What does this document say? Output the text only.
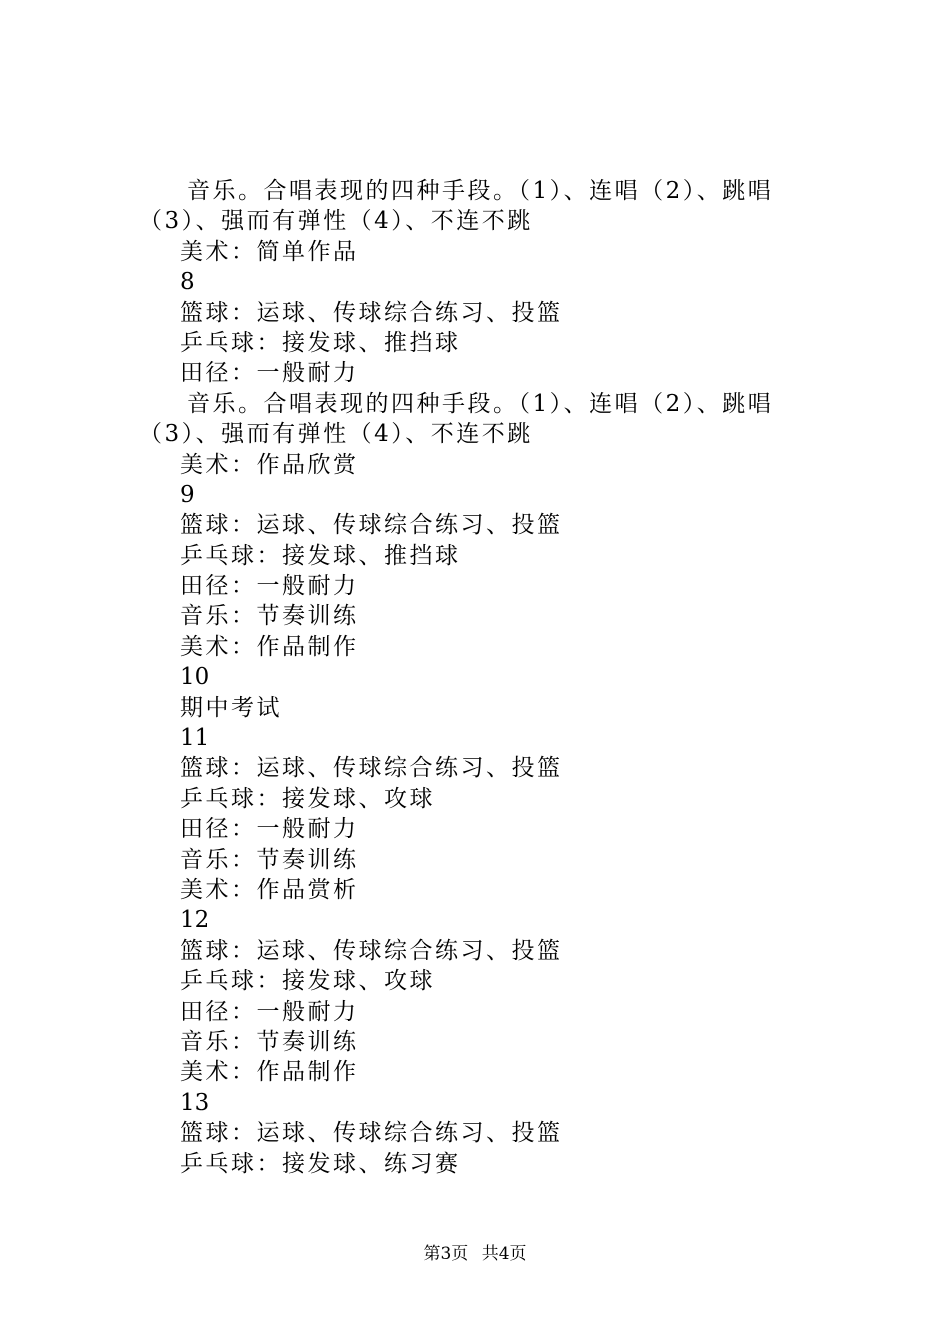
音乐。合唱表现的四种手段。（1）、连唱（2）、跳唱
（3）、强而有弹性（4）、不连不跳
美术：简单作品
8
篮球：运球、传球综合练习、投篮
乒乓球：接发球、推挡球
田径：一般耐力
音乐。合唱表现的四种手段。（1）、连唱（2）、跳唱
（3）、强而有弹性（4）、不连不跳
美术：作品欣赏
9
篮球：运球、传球综合练习、投篮
乒乓球：接发球、推挡球
田径：一般耐力
音乐：节奏训练
美术：作品制作
10
期中考试
11
篮球：运球、传球综合练习、投篮
乒乓球：接发球、攻球
田径：一般耐力
音乐：节奏训练
美术：作品赏析
12
篮球：运球、传球综合练习、投篮
乒乓球：接发球、攻球
田径：一般耐力
音乐：节奏训练
美术：作品制作
13
篮球：运球、传球综合练习、投篮
乒乓球：接发球、练习赛
第3页 共4页
